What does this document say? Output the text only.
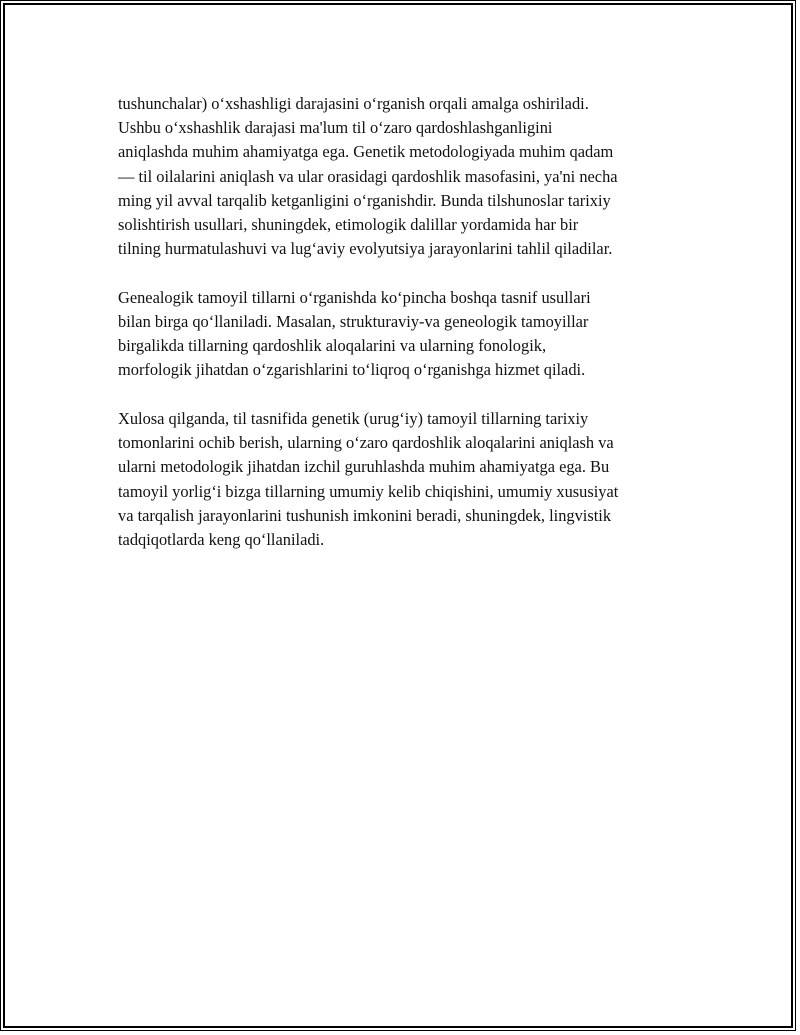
tushunchalar) o‘xshashligi darajasini o‘rganish orqali amalga oshiriladi.
Ushbu o‘xshashlik darajasi ma'lum til o‘zaro qardoshlashganligini
aniqlashda muhim ahamiyatga ega. Genetik metodologiyada muhim qadam
— til oilalarini aniqlash va ular orasidagi qardoshlik masofasini, ya'ni necha
ming yil avval tarqalib ketganligini o‘rganishdir. Bunda tilshunoslar tarixiy
solishtirish usullari, shuningdek, etimologik dalillar yordamida har bir
tilning hurmatulashuvi va lug‘aviy evolyutsiya jarayonlarini tahlil qiladilar.

Genealogik tamoyil tillarni o‘rganishda ko‘pincha boshqa tasnif usullari
bilan birga qo‘llaniladi. Masalan, strukturaviy-va geneologik tamoyillar
birgalikda tillarning qardoshlik aloqalarini va ularning fonologik,
morfologik jihatdan o‘zgarishlarini to‘liqroq o‘rganishga hizmet qiladi.

Xulosa qilganda, til tasnifida genetik (urug‘iy) tamoyil tillarning tarixiy
tomonlarini ochib berish, ularning o‘zaro qardoshlik aloqalarini aniqlash va
ularni metodologik jihatdan izchil guruhlashda muhim ahamiyatga ega. Bu
tamoyil yorlig‘i bizga tillarning umumiy kelib chiqishini, umumiy xususiyat
va tarqalish jarayonlarini tushunish imkonini beradi, shuningdek, lingvistik
tadqiqotlarda keng qo‘llaniladi.
